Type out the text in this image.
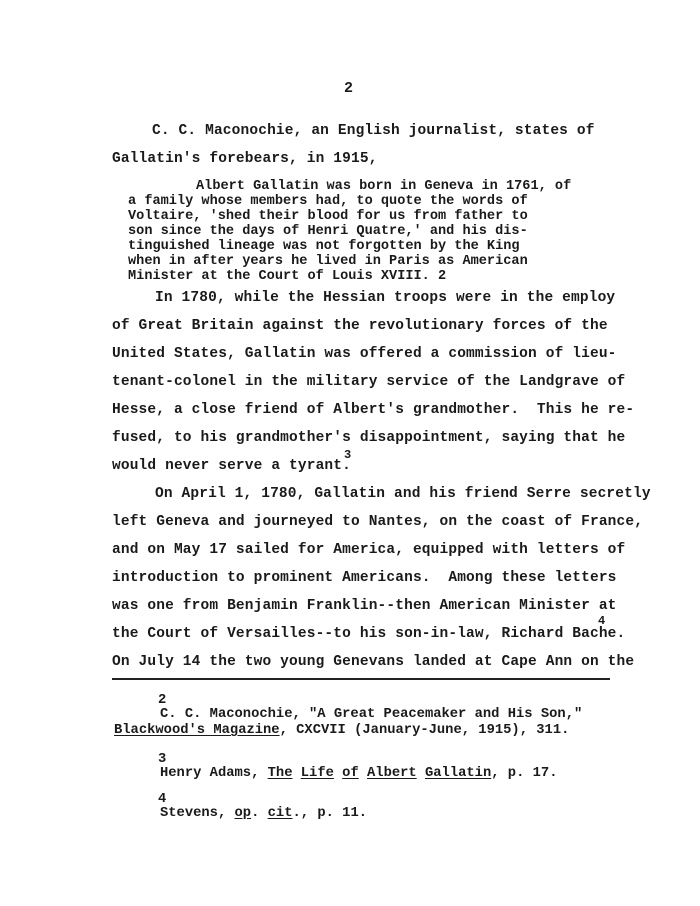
2
C. C. Maconochie, an English journalist, states of
Gallatin's forebears, in 1915,
Albert Gallatin was born in Geneva in 1761, of
a family whose members had, to quote the words of
Voltaire, 'shed their blood for us from father to
son since the days of Henri Quatre,' and his dis-
tinguished lineage was not forgotten by the King
when in after years he lived in Paris as American
Minister at the Court of Louis XVIII. 2
In 1780, while the Hessian troops were in the employ
of Great Britain against the revolutionary forces of the
United States, Gallatin was offered a commission of lieu-
tenant-colonel in the military service of the Landgrave of
Hesse, a close friend of Albert's grandmother.  This he re-
fused, to his grandmother's disappointment, saying that he
would never serve a tyrant.
3
On April 1, 1780, Gallatin and his friend Serre secretly
left Geneva and journeyed to Nantes, on the coast of France,
and on May 17 sailed for America, equipped with letters of
introduction to prominent Americans.  Among these letters
was one from Benjamin Franklin--then American Minister at
the Court of Versailles--to his son-in-law, Richard Bache.
4
On July 14 the two young Genevans landed at Cape Ann on the
2
C. C. Maconochie, "A Great Peacemaker and His Son,"
Blackwood's Magazine, CXCVII (January-June, 1915), 311.
3
Henry Adams, The Life of Albert Gallatin, p. 17.
4
Stevens, op. cit., p. 11.
